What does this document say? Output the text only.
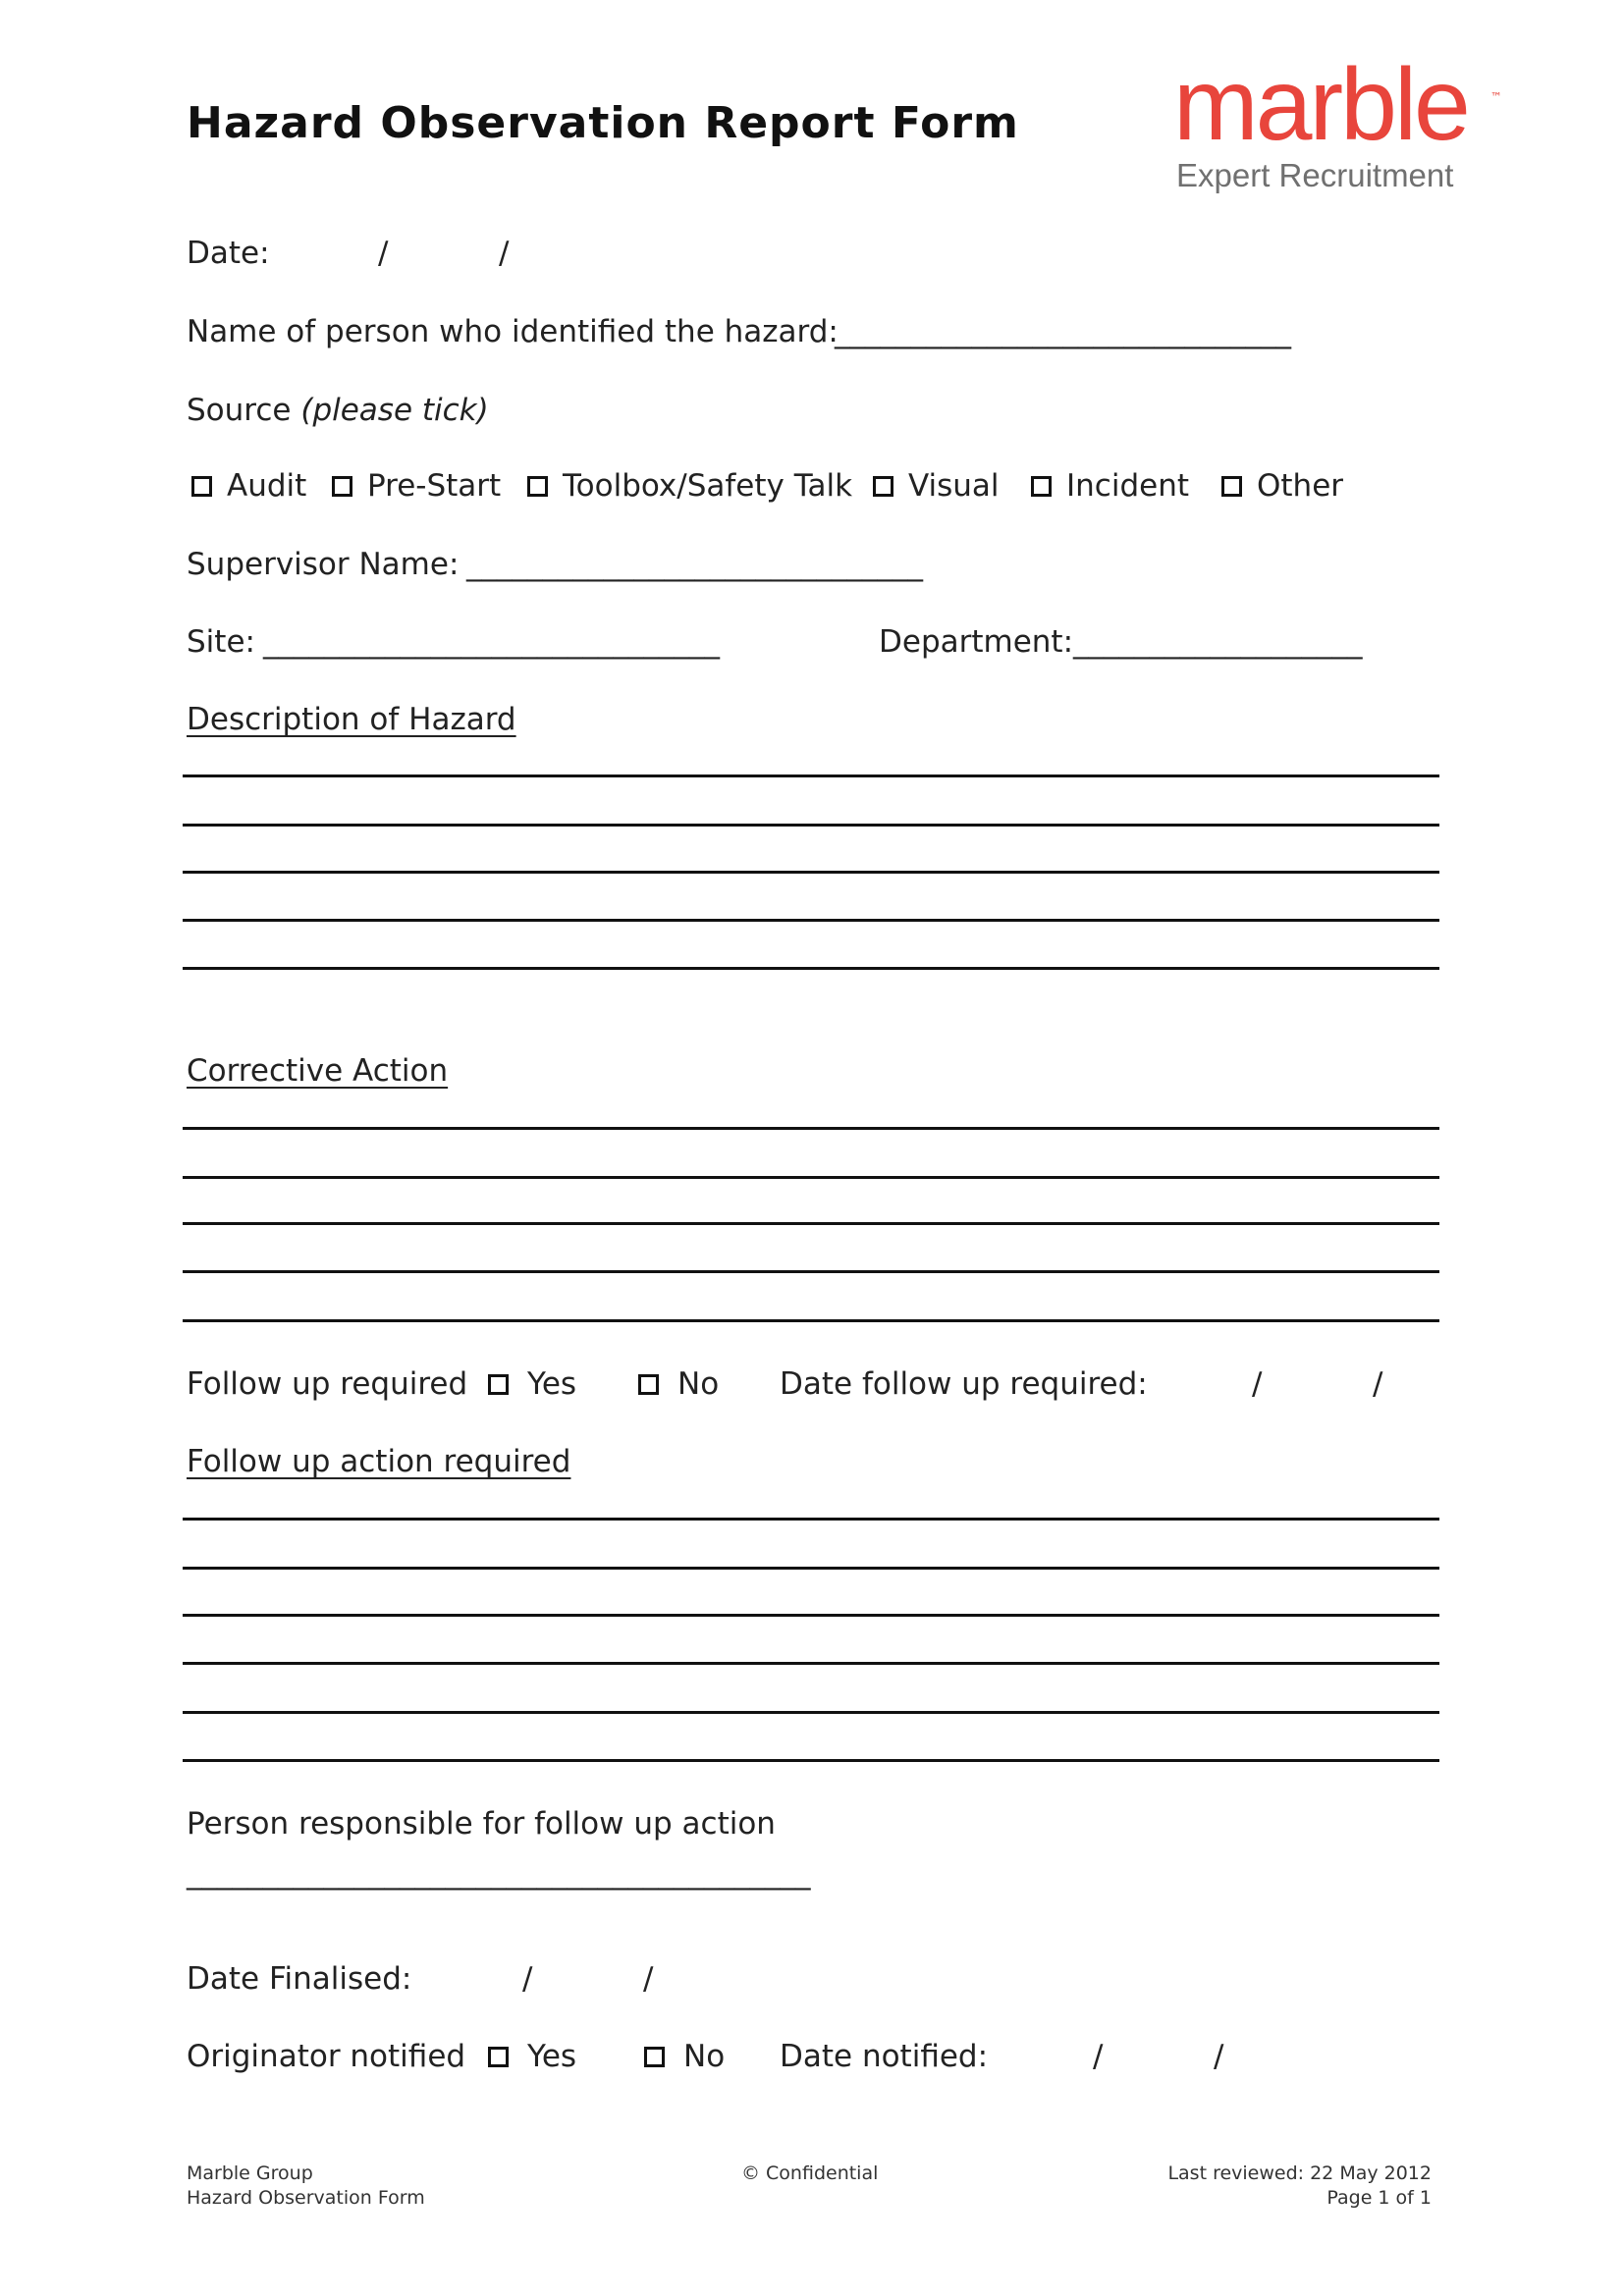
Hazard Observation Report Form marble ™
Expert Recruitment
Date:	/	/
Name of person who identified the hazard:
______________________________
Source (please tick)
Audit Pre-Start Toolbox/Safety Talk Visual Incident Other
Supervisor Name: ______________________________
Site: ______________________________	Department: ___________________
Description of Hazard
Corrective Action
Follow up required Yes	No Date follow up required:	/	/
Follow up action required
Person responsible for follow up action
_________________________________________
Date Finalised:	/	/
Originator notified Yes	No Date notified:	/	/
Marble Group
Hazard Observation Form
© Confidential	Last reviewed: 22 May 2012
Page 1 of 1
